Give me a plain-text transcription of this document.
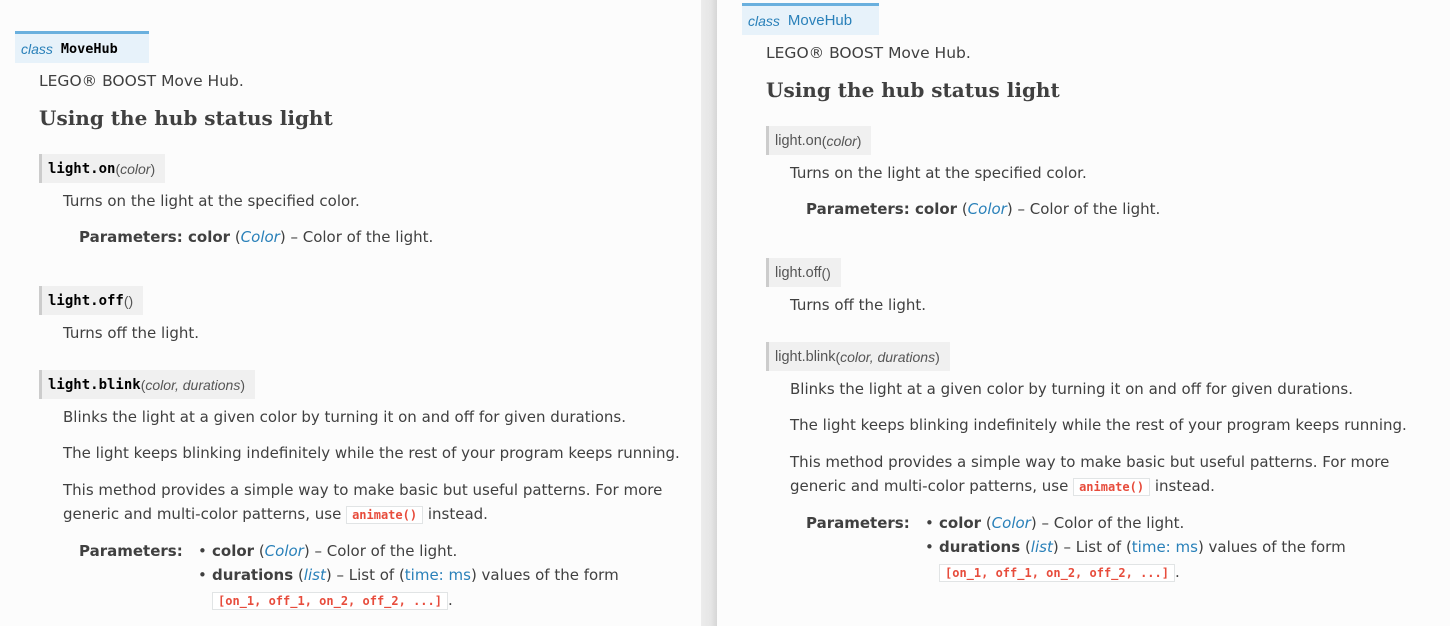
class MoveHub
LEGO® BOOST Move Hub.
Using the hub status light
light.on ( color )
Turns on the light at the specified color.
Parameters: color (Color) – Color of the light.
light.off ()
Turns off the light.
light.blink ( color, durations )
Blinks the light at a given color by turning it on and off for given durations.
The light keeps blinking indefinitely while the rest of your program keeps running.
This method provides a simple way to make basic but useful patterns. For more generic and multi-color patterns, use animate() instead.
Parameters: • color (Color) – Color of the light.
• durations (list) – List of (time: ms) values of the form
[on_1, off_1, on_2, off_2, ...] .
class MoveHub
LEGO® BOOST Move Hub.
Using the hub status light
light.on ( color )
Turns on the light at the specified color.
Parameters: color (Color) – Color of the light.
light.off ()
Turns off the light.
light.blink ( color, durations )
Blinks the light at a given color by turning it on and off for given durations.
The light keeps blinking indefinitely while the rest of your program keeps running.
This method provides a simple way to make basic but useful patterns. For more generic and multi-color patterns, use animate() instead.
Parameters: • color (Color) – Color of the light.
• durations (list) – List of (time: ms) values of the form
[on_1, off_1, on_2, off_2, ...] .
